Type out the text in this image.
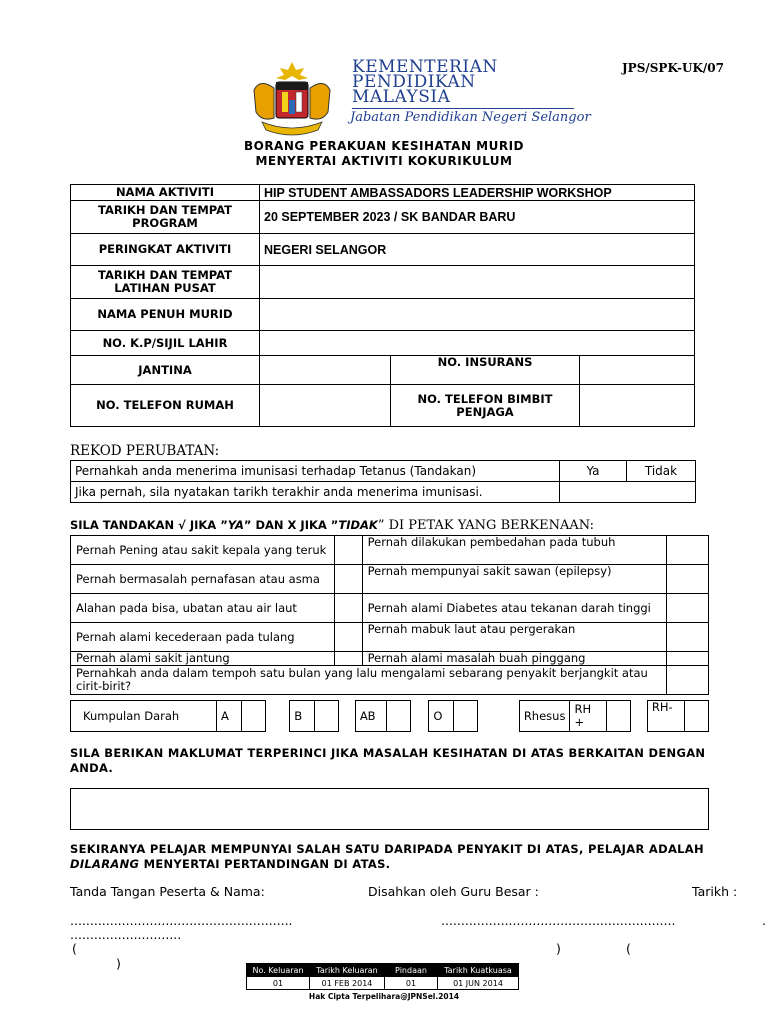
KEMENTERIAN
PENDIDIKAN
MALAYSIA
Jabatan Pendidikan Negeri Selangor
JPS/SPK-UK/07
BORANG PERAKUAN KESIHATAN MURID
MENYERTAI AKTIVITI KOKURIKULUM
NAMA AKTIVITI	HIP STUDENT AMBASSADORS LEADERSHIP WORKSHOP		
TARIKH DAN TEMPAT PROGRAM	20 SEPTEMBER 2023 / SK BANDAR BARU		
PERINGKAT AKTIVITI	NEGERI SELANGOR		
TARIKH DAN TEMPAT LATIHAN PUSAT			
NAMA PENUH MURID			
NO. K.P/SIJIL LAHIR			
JANTINA		NO. INSURANS	
NO. TELEFON RUMAH		NO. TELEFON BIMBIT PENJAGA	
REKOD PERUBATAN:
Pernahkah anda menerima imunisasi terhadap Tetanus (Tandakan)	Ya	Tidak
Jika pernah, sila nyatakan tarikh terakhir anda menerima imunisasi.		
SILA TANDAKAN √ JIKA ”YA” DAN X JIKA ”TIDAK” DI PETAK YANG BERKENAAN:
Pernah Pening atau sakit kepala yang teruk		Pernah dilakukan pembedahan pada tubuh	
Pernah bermasalah pernafasan atau asma		Pernah mempunyai sakit sawan (epilepsy)	
Alahan pada bisa, ubatan atau air laut		Pernah alami Diabetes atau tekanan darah tinggi	
Pernah alami kecederaan pada tulang		Pernah mabuk laut atau pergerakan	
Pernah alami sakit jantung		Pernah alami masalah buah pinggang	
Pernahkah anda dalam tempoh satu bulan yang lalu mengalami sebarang penyakit berjangkit atau cirit-birit?			
Kumpulan Darah		A			B			AB			O			Rhesus	RH +			RH-	
SILA BERIKAN MAKLUMAT TERPERINCI JIKA MASALAH KESIHATAN DI ATAS BERKAITAN DENGAN ANDA.
SEKIRANYA PELAJAR MEMPUNYAI SALAH SATU DARIPADA PENYAKIT DI ATAS, PELAJAR ADALAH
DILARANG MENYERTAI PERTANDINGAN DI ATAS.
Tanda Tangan Peserta & Nama:	Disahkan oleh Guru Besar :	Tarikh :
........................................................	...........................................................	.
............................
(	)	(
)	No. Keluaran	Tarikh Keluaran	Pindaan	Tarikh Kuatkuasa
01	01 FEB 2014	01	01 JUN 2014
Hak Cipta Terpelihara@JPNSel.2014
